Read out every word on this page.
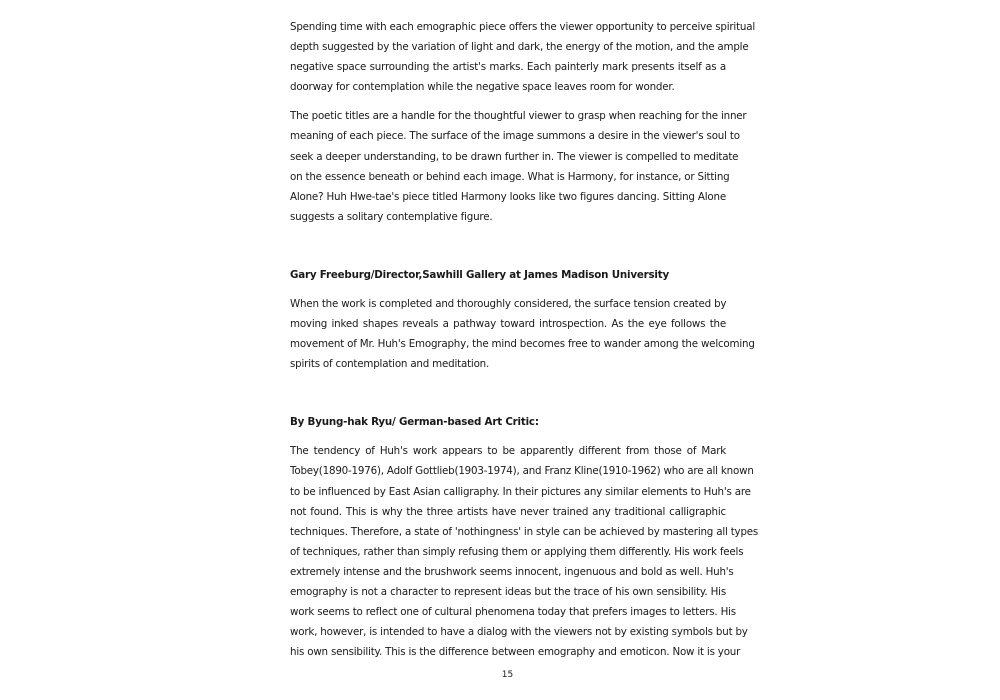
Spending time with each emographic piece offers the viewer opportunity to perceive spiritual
depth suggested by the variation of light and dark, the energy of the motion, and the ample
negative space surrounding the artist's marks. Each painterly mark presents itself as a
doorway for contemplation while the negative space leaves room for wonder.
The poetic titles are a handle for the thoughtful viewer to grasp when reaching for the inner
meaning of each piece. The surface of the image summons a desire in the viewer's soul to
seek a deeper understanding, to be drawn further in. The viewer is compelled to meditate
on the essence beneath or behind each image. What is Harmony, for instance, or Sitting
Alone? Huh Hwe-tae's piece titled Harmony looks like two figures dancing. Sitting Alone
suggests a solitary contemplative figure.

Gary Freeburg/Director,Sawhill Gallery at James Madison University

When the work is completed and thoroughly considered, the surface tension created by
moving inked shapes reveals a pathway toward introspection. As the eye follows the
movement of Mr. Huh's Emography, the mind becomes free to wander among the welcoming
spirits of contemplation and meditation.

By Byung-hak Ryu/ German-based Art Critic:

The tendency of Huh's work appears to be apparently different from those of Mark
Tobey(1890-1976), Adolf Gottlieb(1903-1974), and Franz Kline(1910-1962) who are all known
to be influenced by East Asian calligraphy. In their pictures any similar elements to Huh's are
not found. This is why the three artists have never trained any traditional calligraphic
techniques. Therefore, a state of 'nothingness' in style can be achieved by mastering all types
of techniques, rather than simply refusing them or applying them differently. His work feels
extremely intense and the brushwork seems innocent, ingenuous and bold as well. Huh's
emography is not a character to represent ideas but the trace of his own sensibility. His
work seems to reflect one of cultural phenomena today that prefers images to letters. His
work, however, is intended to have a dialog with the viewers not by existing symbols but by
his own sensibility. This is the difference between emography and emoticon. Now it is your
15
